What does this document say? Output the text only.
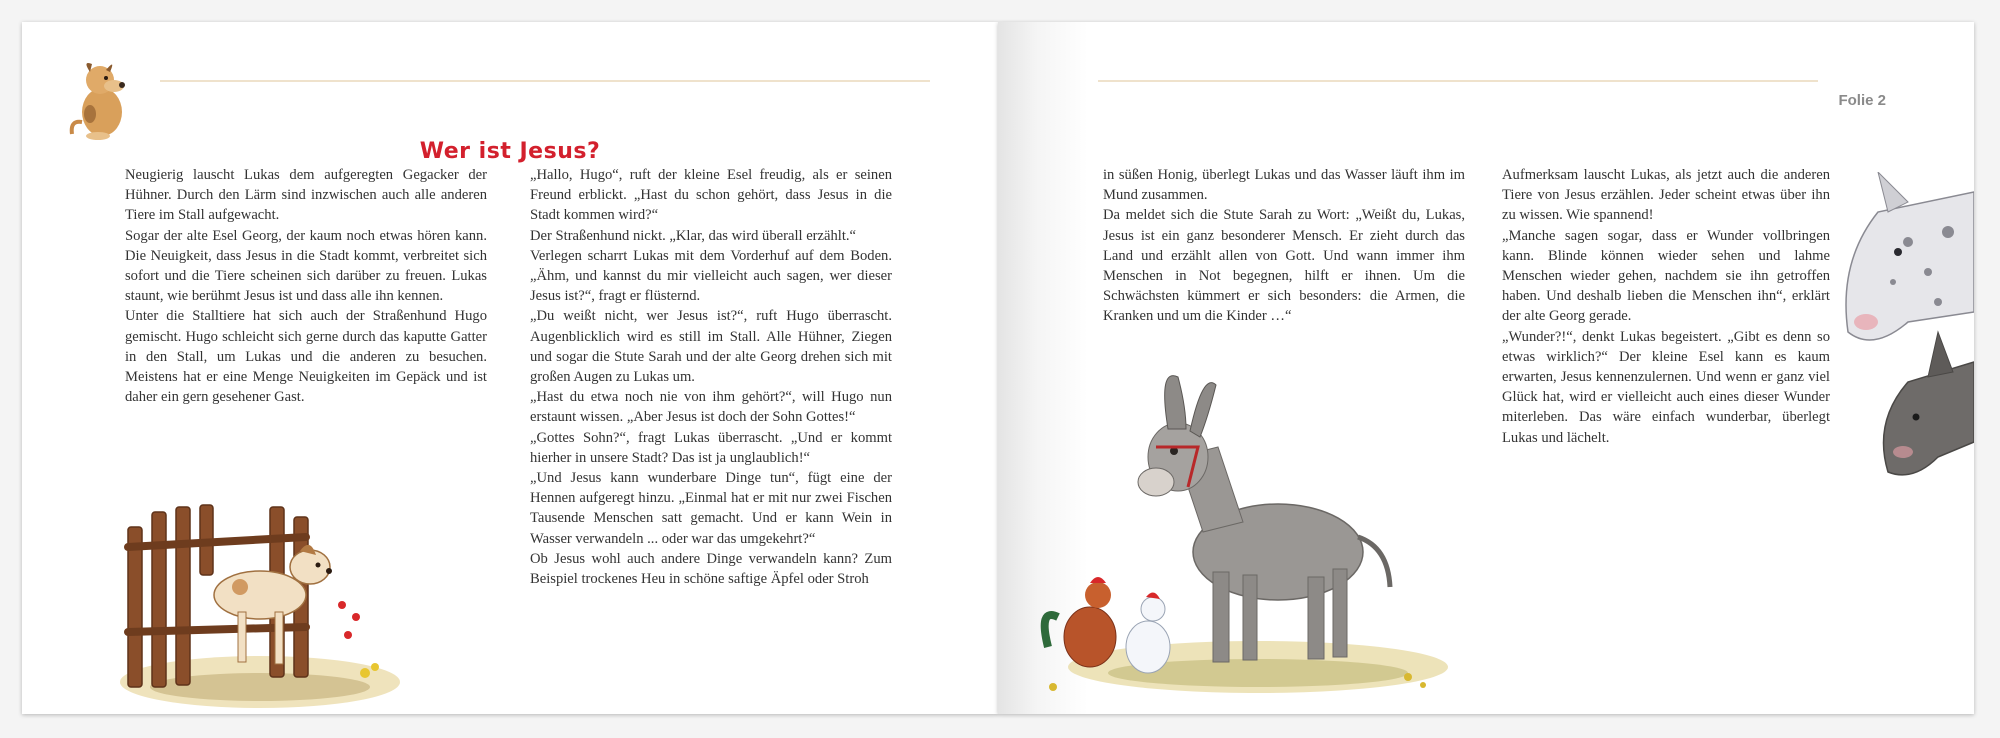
Wer ist Jesus?

Neugierig lauscht Lukas dem aufgeregten Gegacker der Hühner. Durch den Lärm sind inzwischen auch alle anderen Tiere im Stall aufgewacht.

Sogar der alte Esel Georg, der kaum noch etwas hören kann. Die Neuigkeit, dass Jesus in die Stadt kommt, verbreitet sich sofort und die Tiere scheinen sich darüber zu freuen. Lukas staunt, wie berühmt Jesus ist und dass alle ihn kennen.

Unter die Stalltiere hat sich auch der Straßenhund Hugo gemischt. Hugo schleicht sich gerne durch das kaputte Gatter in den Stall, um Lukas und die anderen zu besuchen. Meistens hat er eine Menge Neuigkeiten im Gepäck und ist daher ein gern gesehener Gast.

„Hallo, Hugo“, ruft der kleine Esel freudig, als er seinen Freund erblickt. „Hast du schon gehört, dass Jesus in die Stadt kommen wird?“

Der Straßenhund nickt. „Klar, das wird überall erzählt.“

Verlegen scharrt Lukas mit dem Vorderhuf auf dem Boden. „Ähm, und kannst du mir vielleicht auch sagen, wer dieser Jesus ist?“, fragt er flüsternd.

„Du weißt nicht, wer Jesus ist?“, ruft Hugo überrascht. Augenblicklich wird es still im Stall. Alle Hühner, Ziegen und sogar die Stute Sarah und der alte Georg drehen sich mit großen Augen zu Lukas um.

„Hast du etwa noch nie von ihm gehört?“, will Hugo nun erstaunt wissen. „Aber Jesus ist doch der Sohn Gottes!“

„Gottes Sohn?“, fragt Lukas überrascht. „Und er kommt hierher in unsere Stadt? Das ist ja unglaublich!“

„Und Jesus kann wunderbare Dinge tun“, fügt eine der Hennen aufgeregt hinzu. „Einmal hat er mit nur zwei Fischen Tausende Menschen satt gemacht. Und er kann Wein in Wasser verwandeln ... oder war das umgekehrt?“

Ob Jesus wohl auch andere Dinge verwandeln kann? Zum Beispiel trockenes Heu in schöne saftige Äpfel oder Stroh

Folie 2

in süßen Honig, überlegt Lukas und das Wasser läuft ihm im Mund zusammen.

Da meldet sich die Stute Sarah zu Wort: „Weißt du, Lukas, Jesus ist ein ganz besonderer Mensch. Er zieht durch das Land und erzählt allen von Gott. Und wann immer ihm Menschen in Not begegnen, hilft er ihnen. Um die Schwächsten kümmert er sich besonders: die Armen, die Kranken und um die Kinder …“

Aufmerksam lauscht Lukas, als jetzt auch die anderen Tiere von Jesus erzählen. Jeder scheint etwas über ihn zu wissen. Wie spannend!

„Manche sagen sogar, dass er Wunder vollbringen kann. Blinde können wieder sehen und lahme Menschen wieder gehen, nachdem sie ihn getroffen haben. Und deshalb lieben die Menschen ihn“, erklärt der alte Georg gerade.

„Wunder?!“, denkt Lukas begeistert. „Gibt es denn so etwas wirklich?“ Der kleine Esel kann es kaum erwarten, Jesus kennenzulernen. Und wenn er ganz viel Glück hat, wird er vielleicht auch eines dieser Wunder miterleben. Das wäre einfach wunderbar, überlegt Lukas und lächelt.
